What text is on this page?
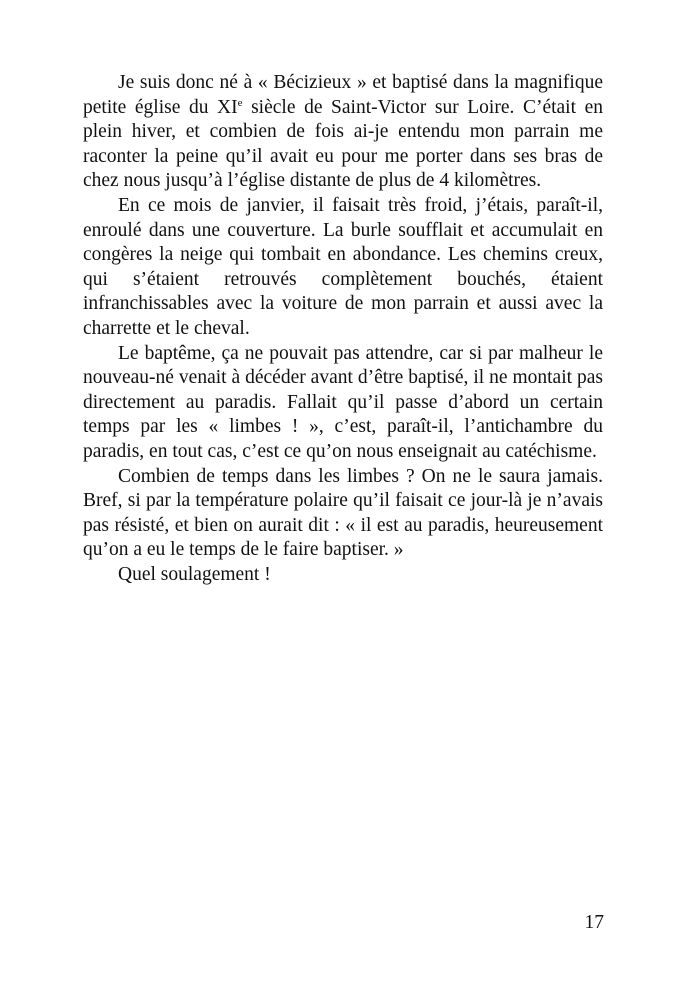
Je suis donc né à « Bécizieux » et baptisé dans la magnifique petite église du XIe siècle de Saint-Victor sur Loire. C’était en plein hiver, et combien de fois ai-je entendu mon parrain me raconter la peine qu’il avait eu pour me porter dans ses bras de chez nous jusqu’à l’église distante de plus de 4 kilomètres.

En ce mois de janvier, il faisait très froid, j’étais, paraît-il, enroulé dans une couverture. La burle soufflait et accumulait en congères la neige qui tombait en abondance. Les chemins creux, qui s’étaient retrouvés complètement bouchés, étaient infranchissables avec la voiture de mon parrain et aussi avec la charrette et le cheval.

Le baptême, ça ne pouvait pas attendre, car si par malheur le nouveau-né venait à décéder avant d’être baptisé, il ne montait pas directement au paradis. Fallait qu’il passe d’abord un certain temps par les « limbes ! », c’est, paraît-il, l’antichambre du paradis, en tout cas, c’est ce qu’on nous enseignait au catéchisme.

Combien de temps dans les limbes ? On ne le saura jamais. Bref, si par la température polaire qu’il faisait ce jour-là je n’avais pas résisté, et bien on aurait dit : « il est au paradis, heureusement qu’on a eu le temps de le faire baptiser. »

Quel soulagement !

17
